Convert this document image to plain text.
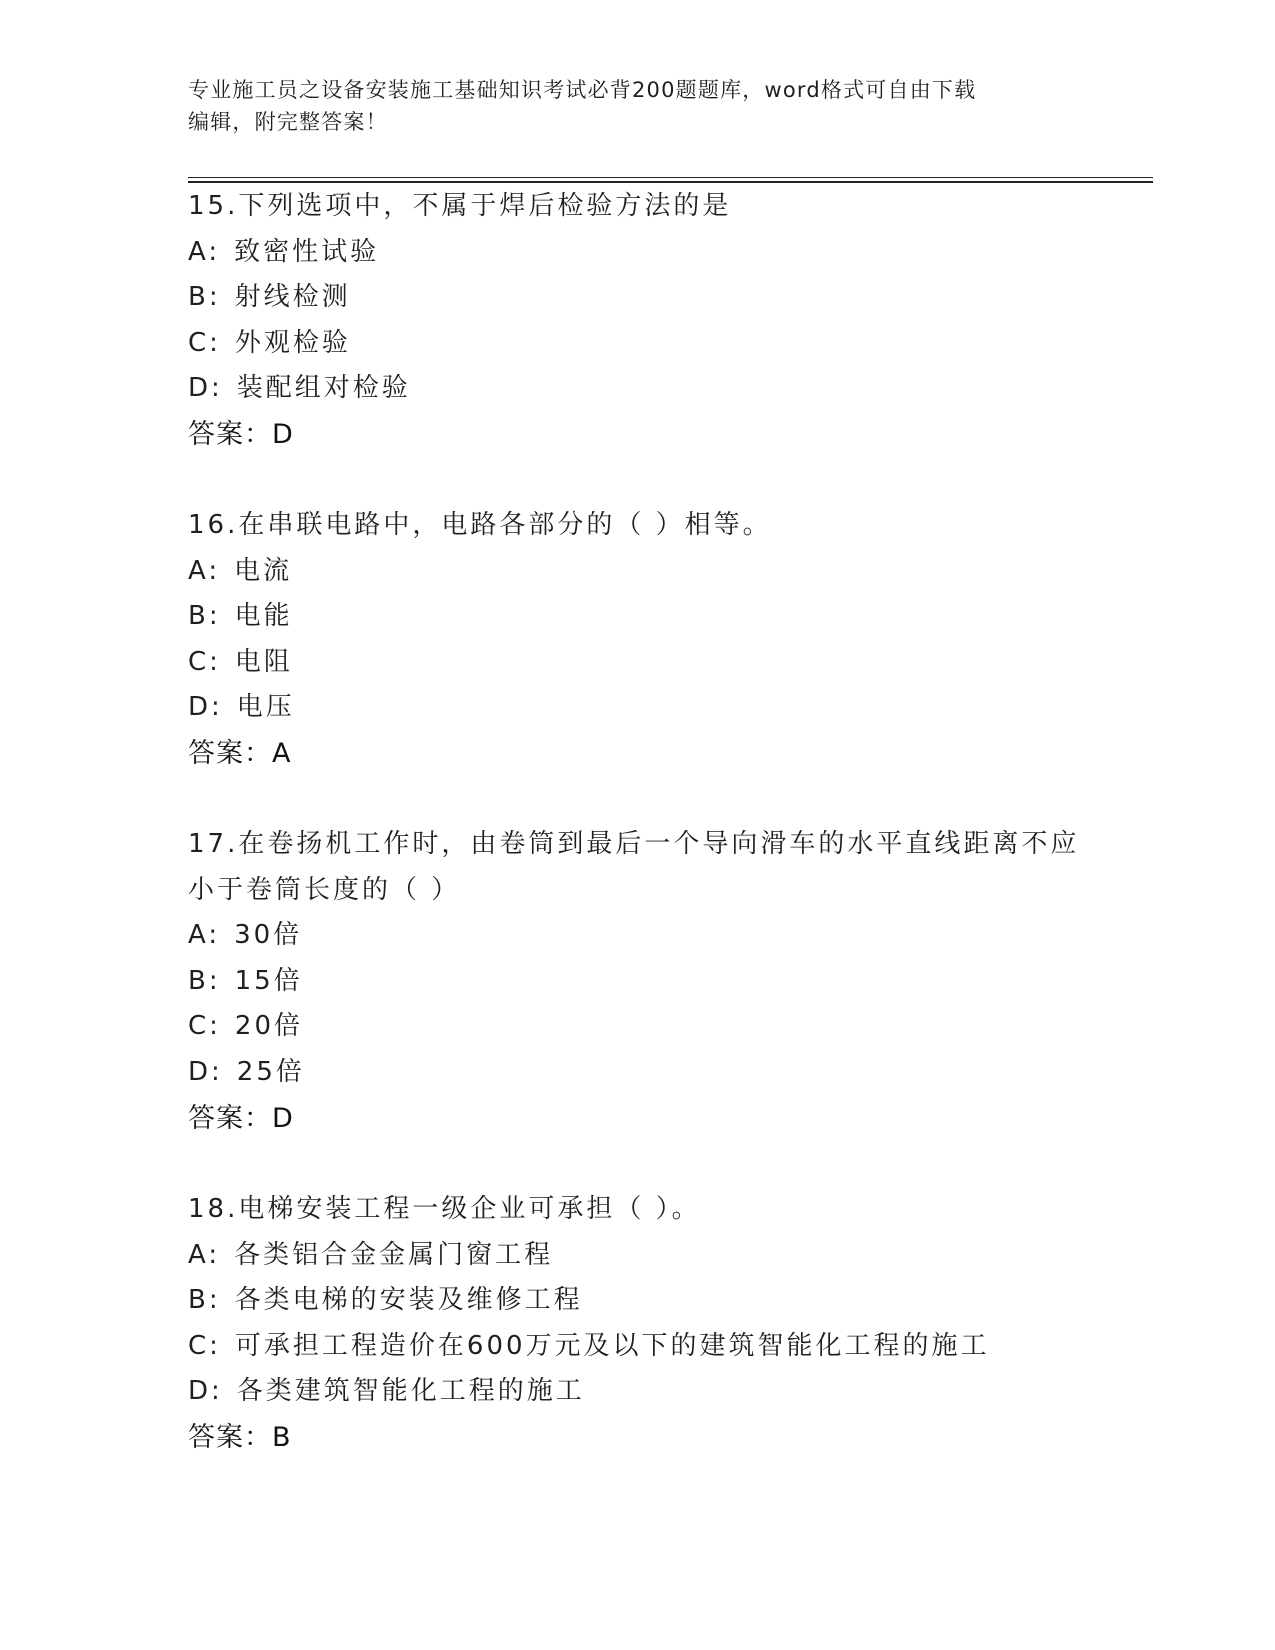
专业施工员之设备安装施工基础知识考试必背200题题库，word格式可自由下载
编辑，附完整答案！
15.下列选项中，不属于焊后检验方法的是
A: 致密性试验
B: 射线检测
C: 外观检验
D: 装配组对检验
答案：D
16.在串联电路中，电路各部分的（ ）相等。
A: 电流
B: 电能
C: 电阻
D: 电压
答案：A
17.在卷扬机工作时，由卷筒到最后一个导向滑车的水平直线距离不应小于卷筒长度的（ ）
A: 30倍
B: 15倍
C: 20倍
D: 25倍
答案：D
18.电梯安装工程一级企业可承担（ ）。
A: 各类铝合金金属门窗工程
B: 各类电梯的安装及维修工程
C: 可承担工程造价在600万元及以下的建筑智能化工程的施工
D: 各类建筑智能化工程的施工
答案：B
